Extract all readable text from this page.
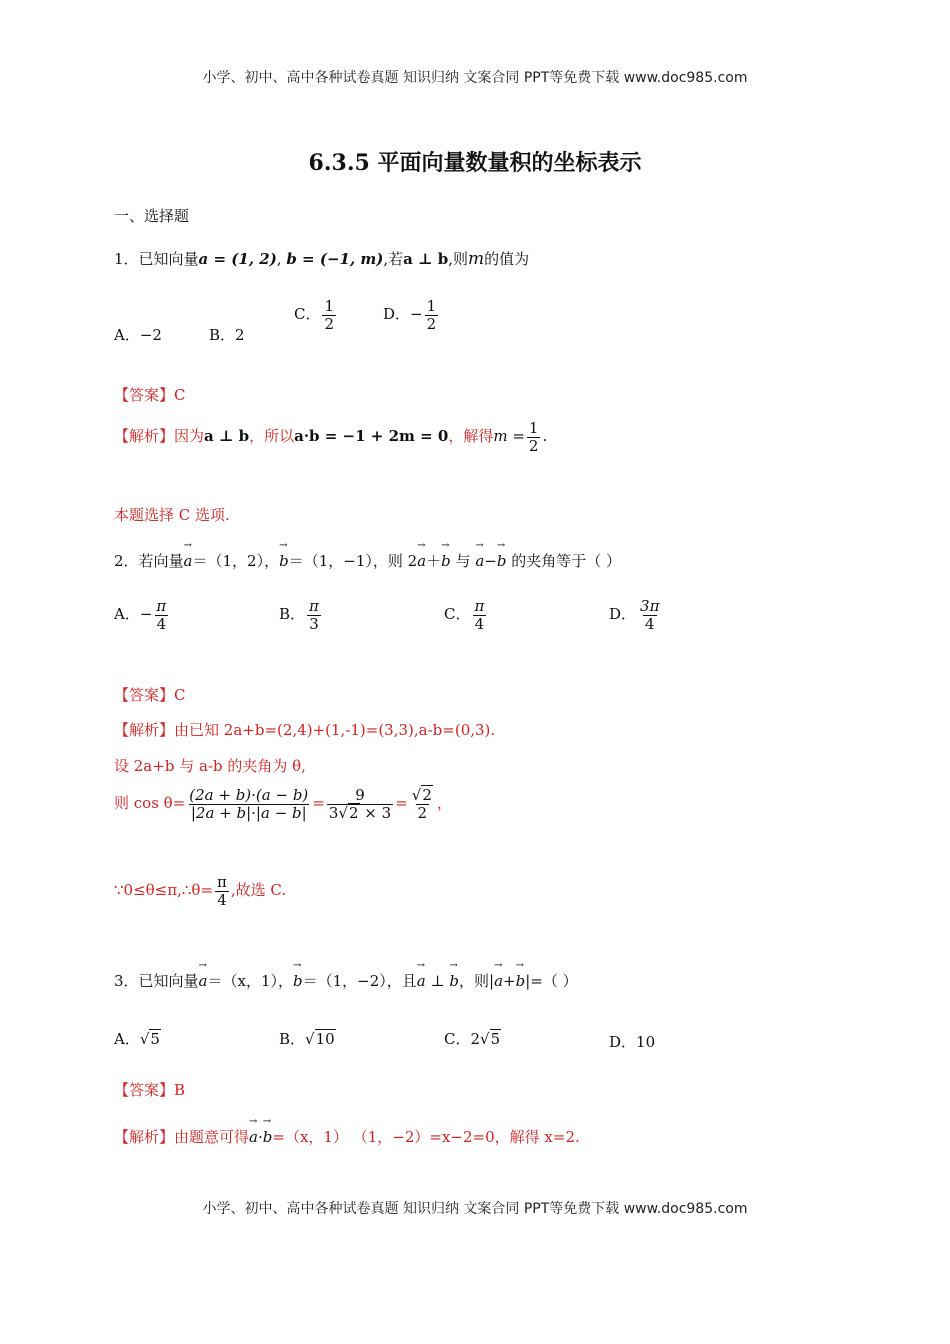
小学、初中、高中各种试卷真题 知识归纳 文案合同 PPT等免费下载 www.doc985.com
小学、初中、高中各种试卷真题 知识归纳 文案合同 PPT等免费下载 www.doc985.com
6.3.5 平面向量数量积的坐标表示
一、选择题
1．已知向量a = (1, 2), b = (−1, m),若a ⊥ b,则m的值为
A．−2	B．2
C． $\frac{1}{2}$	D．− $\frac{1}{2}$
【答案】C
【解析】因为a ⊥ b，所以a·b = −1 + 2m = 0，解得$m = \frac{1}{2}$ .
本题选择 C 选项.
2．若向量→ a＝（1，2），→ b＝（1，−1），则 2→ a＋→ b 与 → a−→ b 的夹角等于（ ）
A．− $\frac{\pi}{4}$	B． $\frac{\pi}{3}$	C． $\frac{\pi}{4}$	D． $\frac{3\pi}{4}$
【答案】C
【解析】由已知 2a+b=(2,4)+(1,-1)=(3,3),a-b=(0,3).
设 2a+b 与 a-b 的夹角为 θ,
则 $\cos \theta= \frac{(2a + b)\cdot(a - b)}{|2a + b|\cdot|a - b|} = \frac{9}{3√2 \times 3} = \frac{√2}{2}$ ，
∵0≤θ≤π,∴θ= $\frac{\pi}{4}$ ,故选 C.
3．已知向量→ a＝（x，1），→ b＝（1，−2），且→ a ⊥ → b，则|→ a+→ b|=（ ）
A．√5	B．√10	C．2√5	D．10
【答案】B
【解析】由题意可得→ a·→ b=（x，1） （1，−2）=x−2=0，解得 x=2.
